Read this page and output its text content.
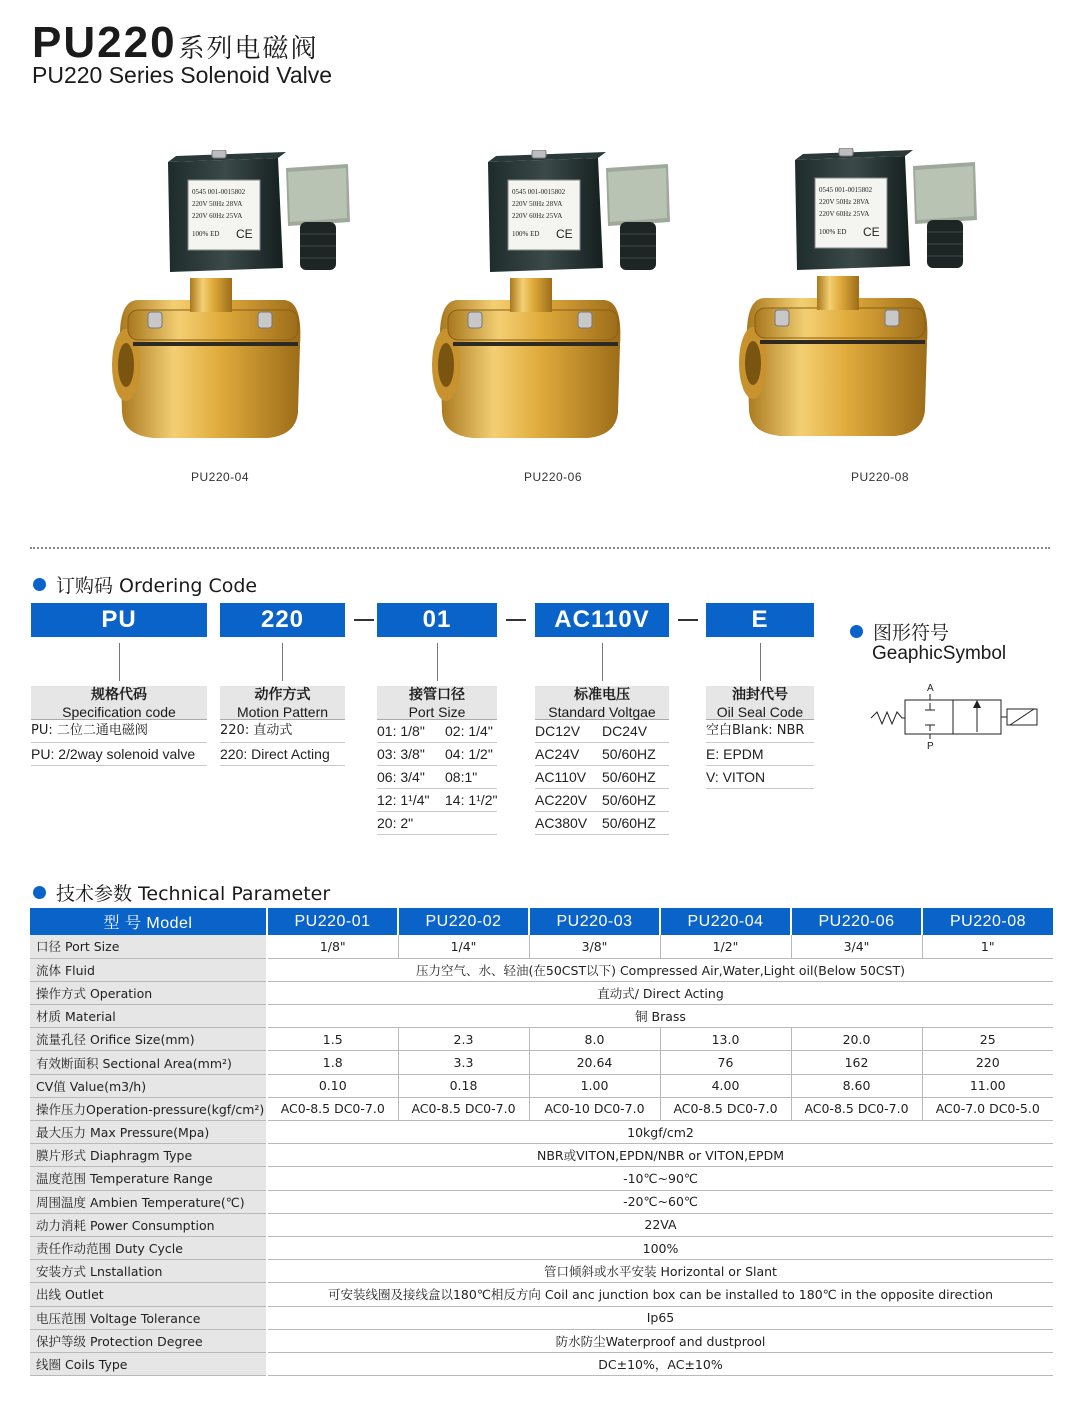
PU220系列电磁阀
PU220 Series Solenoid Valve
0545 001-0015802
220V 50Hz 28VA
220V 60Hz 25VA
100% ED CE
PU220-04
0545 001-0015802
220V 50Hz 28VA
220V 60Hz 25VA
100% ED CE
PU220-06
0545 001-0015802
220V 50Hz 28VA
220V 60Hz 25VA
100% ED CE
PU220-08
订购码 Ordering Code
PU	220	01	AC110V	E
规格代码
Specification code
PU: 二位二通电磁阀
PU: 2/2way solenoid valve
动作方式
Motion Pattern
220: 直动式
220: Direct Acting
接管口径
Port Size
01: 1/8" 02: 1/4"
03: 3/8" 04: 1/2"
06: 3/4" 08:1"
12: 1¹/4" 14: 1¹/2"
20: 2"
标准电压
Standard Voltgae
DC12V DC24V
AC24V 50/60HZ
AC110V 50/60HZ
AC220V 50/60HZ
AC380V 50/60HZ
油封代号
Oil Seal Code
空白Blank: NBR
E: EPDM
V: VITON
图形符号
GeaphicSymbol
A
P
技术参数 Technical Parameter
型 号 Model	PU220-01	PU220-02	PU220-03	PU220-04	PU220-06	PU220-08
口径 Port Size	1/8"	1/4"	3/8"	1/2"	3/4"	1"
流体 Fluid	压力空气、水、轻油(在50CST以下) Compressed Air,Water,Light oil(Below 50CST)					
操作方式 Operation	直动式/ Direct Acting					
材质 Material	铜 Brass					
流量孔径 Orifice Size(mm)	1.5	2.3	8.0	13.0	20.0	25
有效断面积 Sectional Area(mm²)	1.8	3.3	20.64	76	162	220
CV值 Value(m3/h)	0.10	0.18	1.00	4.00	8.60	11.00
操作压力Operation-pressure(kgf/cm²)	AC0-8.5 DC0-7.0	AC0-8.5 DC0-7.0	AC0-10 DC0-7.0	AC0-8.5 DC0-7.0	AC0-8.5 DC0-7.0	AC0-7.0 DC0-5.0
最大压力 Max Pressure(Mpa)	10kgf/cm2					
膜片形式 Diaphragm Type	NBR或VITON,EPDN/NBR or VITON,EPDM					
温度范围 Temperature Range	-10℃~90℃					
周围温度 Ambien Temperature(℃)	-20℃~60℃					
动力消耗 Power Consumption	22VA					
责任作动范围 Duty Cycle	100%					
安装方式 Lnstallation	管口倾斜或水平安装 Horizontal or Slant					
出线 Outlet	可安装线圈及接线盒以180℃相反方向 Coil anc junction box can be installed to 180℃ in the opposite direction					
电压范围 Voltage Tolerance	Ip65					
保护等级 Protection Degree	防水防尘Waterproof and dustprool					
线圈 Coils Type	DC±10%，AC±10%					
